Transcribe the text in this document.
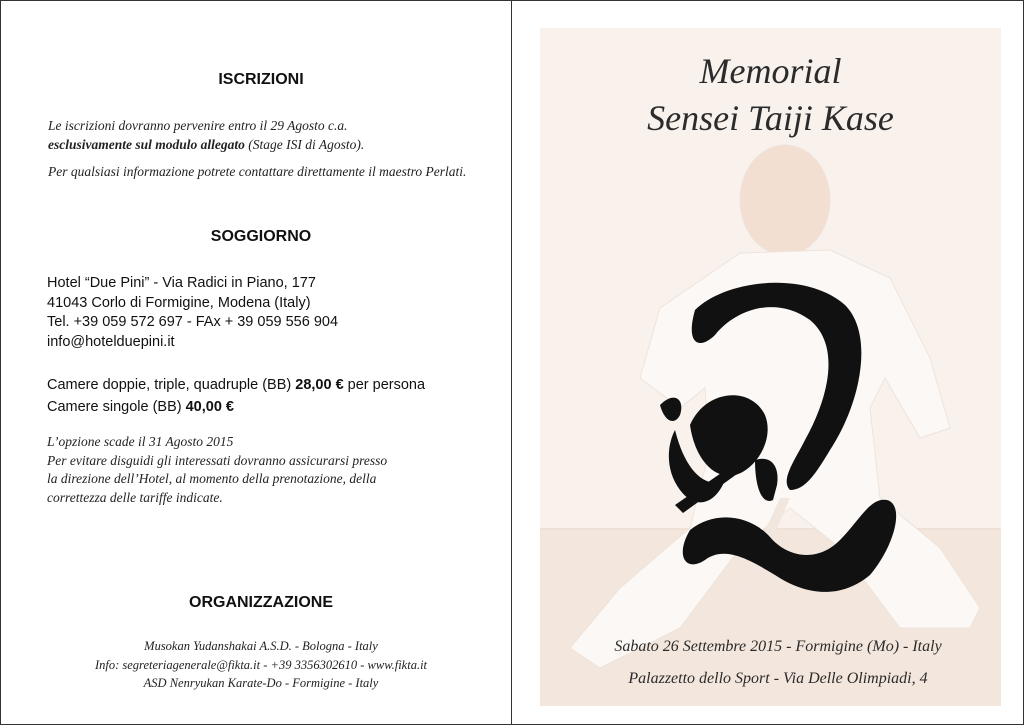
ISCRIZIONI

Le iscrizioni dovranno pervenire entro il 29 Agosto c.a.
esclusivamente sul modulo allegato (Stage ISI di Agosto).

Per qualsiasi informazione potrete contattare direttamente il maestro Perlati.

SOGGIORNO
Hotel “Due Pini” - Via Radici in Piano, 177
41043 Corlo di Formigine, Modena (Italy)
Tel. +39 059 572 697 - FAx + 39 059 556 904
info@hotelduepini.it
Camere doppie, triple, quadruple (BB) 28,00 € per persona
Camere singole (BB) 40,00 €
L’opzione scade il 31 Agosto 2015
Per evitare disguidi gli interessati dovranno assicurarsi presso
la direzione dell’Hotel, al momento della prenotazione, della
correttezza delle tariffe indicate.
ORGANIZZAZIONE
Musokan Yudanshakai A.S.D. - Bologna - Italy
Info: segreteriagenerale@fikta.it - +39 3356302610 - www.fikta.it
ASD Nenryukan Karate-Do - Formigine - Italy
Memorial
Sensei Taiji Kase
Sabato 26 Settembre 2015 - Formigine (Mo) - Italy
Palazzetto dello Sport - Via Delle Olimpiadi, 4
